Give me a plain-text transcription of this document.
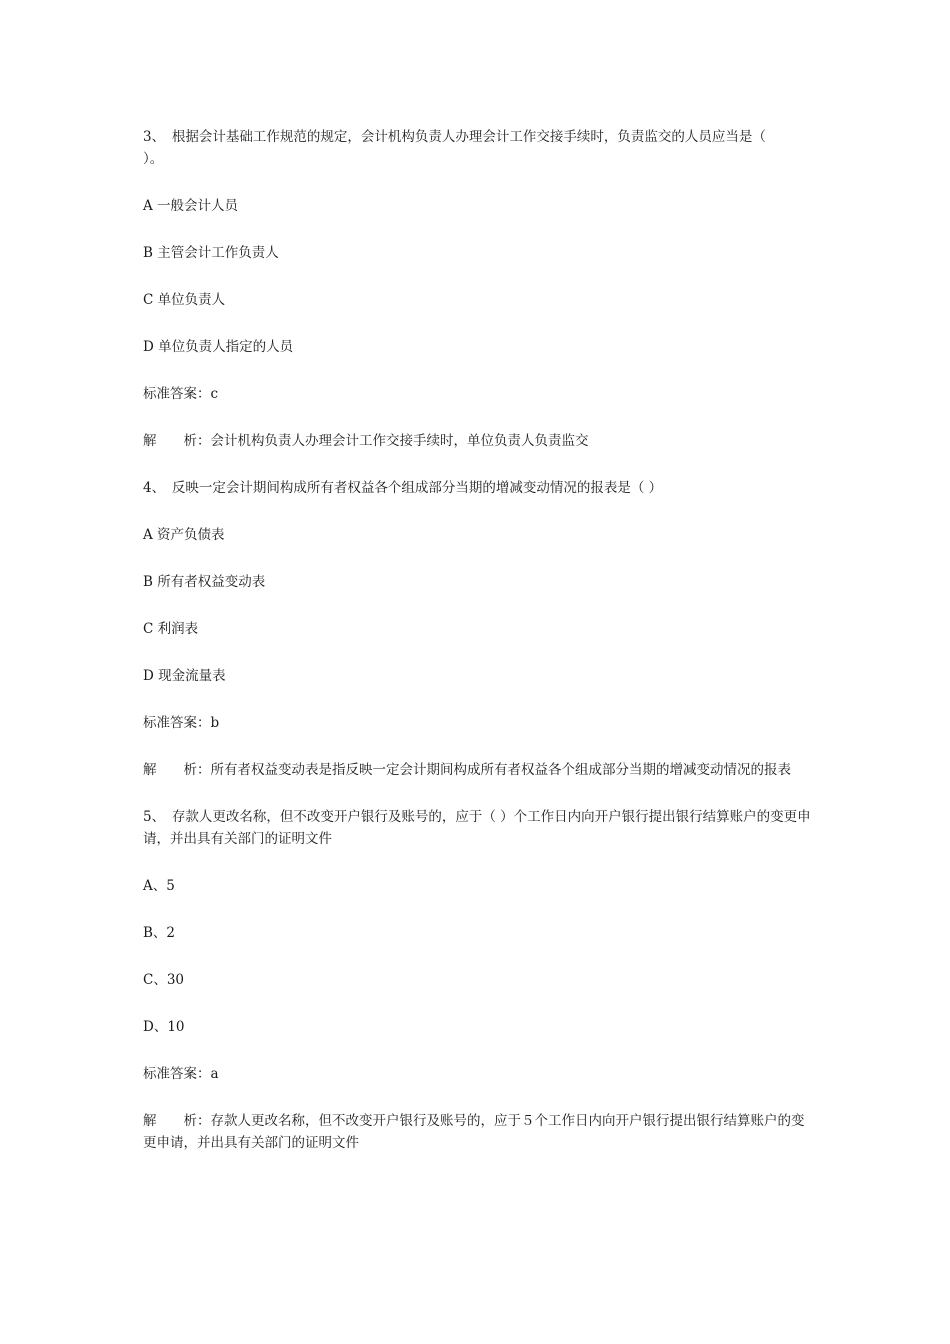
3、　根据会计基础工作规范的规定，会计机构负责人办理会计工作交接手续时，负责监交的人员应当是（　　）。

A 一般会计人员

B 主管会计工作负责人

C 单位负责人

D 单位负责人指定的人员

标准答案：c

解　　析：会计机构负责人办理会计工作交接手续时，单位负责人负责监交

4、　反映一定会计期间构成所有者权益各个组成部分当期的增减变动情况的报表是（ ）

A 资产负债表

B 所有者权益变动表

C 利润表

D 现金流量表

标准答案：b

解　　析：所有者权益变动表是指反映一定会计期间构成所有者权益各个组成部分当期的增减变动情况的报表

5、　存款人更改名称，但不改变开户银行及账号的，应于（ ）个工作日内向开户银行提出银行结算账户的变更申请，并出具有关部门的证明文件

A、5

B、2

C、30

D、10

标准答案：a

解　　析：存款人更改名称，但不改变开户银行及账号的，应于５个工作日内向开户银行提出银行结算账户的变更申请，并出具有关部门的证明文件
